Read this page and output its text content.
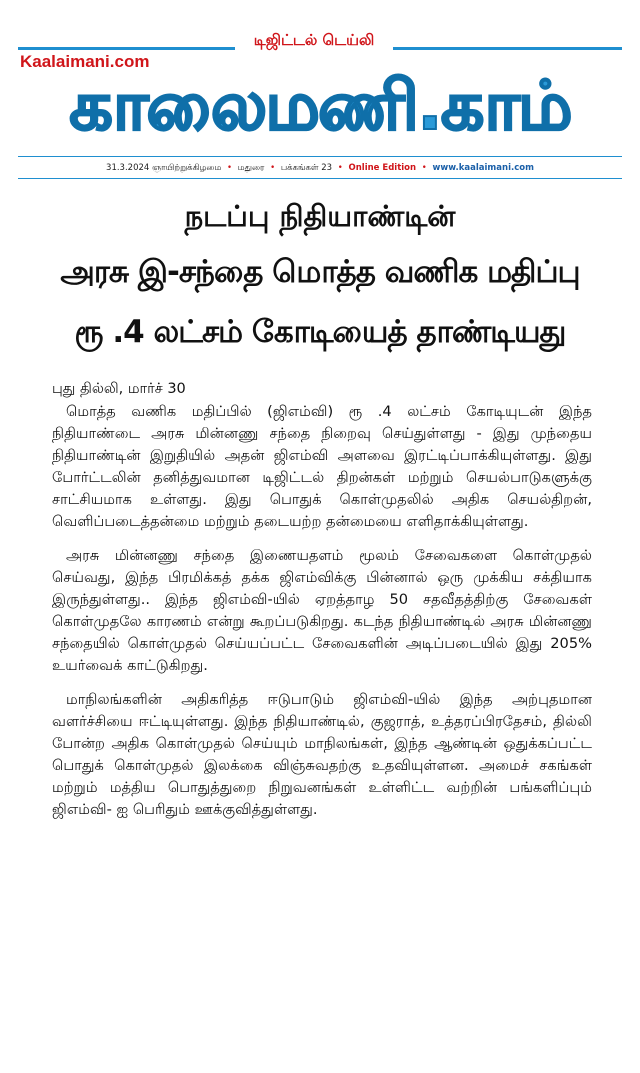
டிஜிட்டல் டெய்லி
Kaalaimani.com
காலைமணி.காம்
31.3.2024 ஞாயிற்றுக்கிழமை • மதுரை • பக்கங்கள் 23 • Online Edition • www.kaalaimani.com
நடப்பு நிதியாண்டின்
அரசு இ-சந்தை மொத்த வணிக மதிப்பு
ரூ .4 லட்சம் கோடியைத் தாண்டியது
புது தில்லி, மார்ச் 30

மொத்த வணிக மதிப்பில் (ஜிஎம்வி) ரூ .4 லட்சம் கோடியுடன் இந்த நிதியாண்டை அரசு மின்னணு சந்தை நிறைவு செய்துள்ளது - இது முந்தைய நிதியாண்டின் இறுதியில் அதன் ஜிஎம்வி அளவை இரட்டிப்பாக்கியுள்ளது. இது போர்ட்டலின் தனித்துவமான டிஜிட்டல் திறன்கள் மற்றும் செயல்பாடுகளுக்கு சாட்சியமாக உள்ளது. இது பொதுக் கொள்முதலில் அதிக செயல்திறன், வெளிப்படைத்தன்மை மற்றும் தடையற்ற தன்மையை எளிதாக்கியுள்ளது.

அரசு மின்னணு சந்தை இணையதளம் மூலம் சேவைகளை கொள்முதல் செய்வது, இந்த பிரமிக்கத் தக்க ஜிஎம்விக்கு பின்னால் ஒரு முக்கிய சக்தியாக இருந்துள்ளது.. இந்த ஜிஎம்வி-யில் ஏறத்தாழ 50 சதவீதத்திற்கு சேவைகள் கொள்முதலே காரணம் என்று கூறப்படுகிறது. கடந்த நிதியாண்டில் அரசு மின்னணு சந்தையில் கொள்முதல் செய்யப்பட்ட சேவைகளின் அடிப்படையில் இது 205% உயர்வைக் காட்டுகிறது.

மாநிலங்களின் அதிகரித்த ஈடுபாடும் ஜிஎம்வி-யில் இந்த அற்புதமான வளர்ச்சியை ஈட்டியுள்ளது. இந்த நிதியாண்டில், குஜராத், உத்தரப்பிரதேசம், தில்லி போன்ற அதிக கொள்முதல் செய்யும் மாநிலங்கள், இந்த ஆண்டின் ஒதுக்கப்பட்ட பொதுக் கொள்முதல் இலக்கை விஞ்சுவதற்கு உதவியுள்ளன. அமைச் சகங்கள் மற்றும் மத்திய பொதுத்துறை நிறுவனங்கள் உள்ளிட்ட வற்றின் பங்களிப்பும் ஜிஎம்வி- ஐ பெரிதும் ஊக்குவித்துள்ளது.
